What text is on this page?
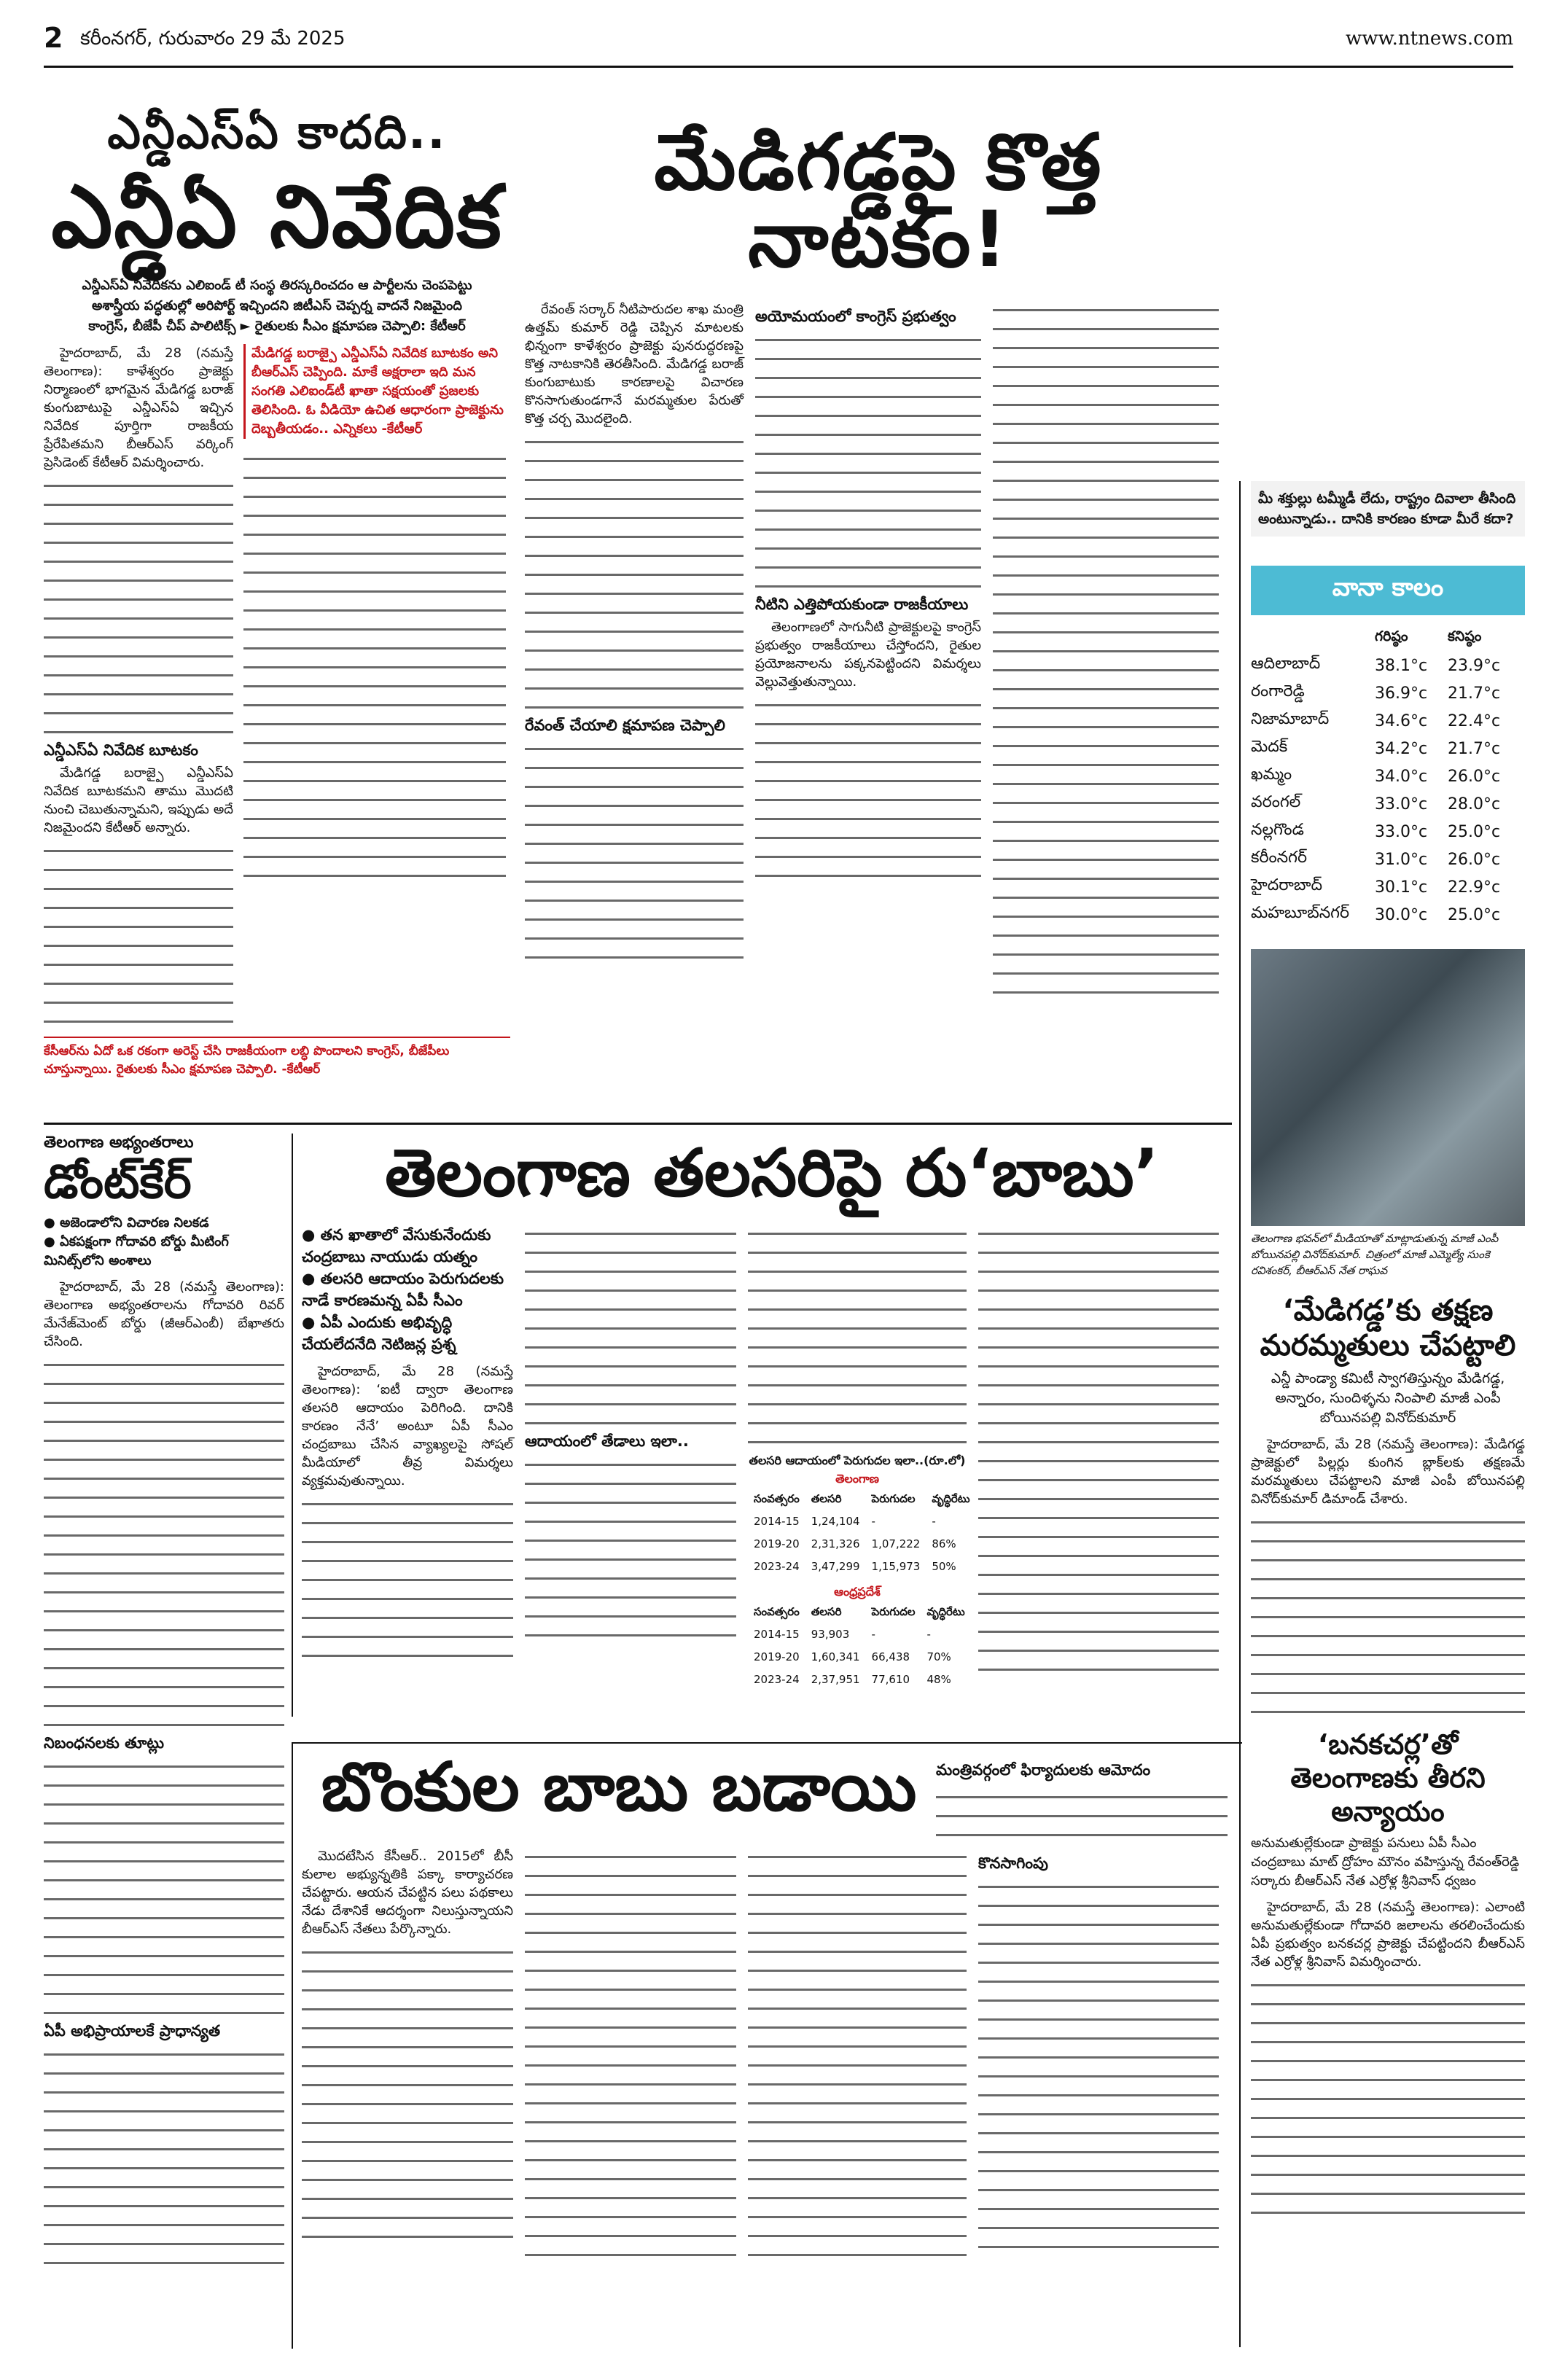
2 కరీంనగర్, గురువారం 29 మే 2025	www.ntnews.com
ఎన్డీఎస్ఏ కాదది..
ఎన్డీఏ నివేదిక
ఎన్డీఎస్ఏ నివేదికను ఎలిఐండ్ టీ సంస్థ తిరస్కరించదం ఆ పార్టీలను చెంపపెట్టు
అశాస్త్రీయ పద్ధతుల్లో అరిపోర్ట్ ఇచ్చిందని జిటీఎస్ చెప్పర్న వాదనే నిజమైంది
కాంగ్రెస్, బీజేపీ చీప్ పాలిటిక్స్ ► రైతులకు సీఎం క్షమాపణ చెప్పాలి: కేటీఆర్

హైదరాబాద్, మే 28 (నమస్తే తెలంగాణ): కాళేశ్వరం ప్రాజెక్టు నిర్మాణంలో భాగమైన మేడిగడ్డ బరాజ్ కుంగుబాటుపై ఎన్డీఎస్ఏ ఇచ్చిన నివేదిక పూర్తిగా రాజకీయ ప్రేరేపితమని బీఆర్ఎస్ వర్కింగ్ ప్రెసిడెంట్ కేటీఆర్ విమర్శించారు.

ఎన్డీఎస్ఏ నివేదిక బూటకం

మేడిగడ్డ బరాజ్పై ఎన్డీఎస్ఏ నివేదిక బూటకమని తాము మొదటి నుంచి చెబుతున్నామని, ఇప్పుడు అదే నిజమైందని కేటీఆర్ అన్నారు.

మేడిగడ్డ బరాజ్పై ఎన్డీఎస్ఏ నివేదిక బూటకం అని బీఆర్ఎస్ చెప్పింది. మాకే అక్షరాలా ఇది మన సంగతి ఎలిఐండ్‌టీ ఖాతా సక్షయంతో ప్రజలకు తెలిసింది. ఓ వీడియో ఉచిత ఆధారంగా ప్రాజెక్టును దెబ్బతీయడం.. ఎన్నికలు -కేటీఆర్
కేసీఆర్‌ను ఏదో ఒక రకంగా అరెస్ట్ చేసి రాజకీయంగా లబ్ధి పొందాలని కాంగ్రెస్, బీజేపీలు చూస్తున్నాయి. రైతులకు సీఎం క్షమాపణ చెప్పాలి. -కేటీఆర్
మేడిగడ్డపై కొత్త నాటకం!

రేవంత్ సర్కార్ నీటిపారుదల శాఖ మంత్రి ఉత్తమ్ కుమార్ రెడ్డి చెప్పిన మాటలకు భిన్నంగా కాళేశ్వరం ప్రాజెక్టు పునరుద్ధరణపై కొత్త నాటకానికి తెరతీసింది. మేడిగడ్డ బరాజ్ కుంగుబాటుకు కారణాలపై విచారణ కొనసాగుతుండగానే మరమ్మతుల పేరుతో కొత్త చర్చ మొదలైంది.

రేవంత్ చేయాలి క్షమాపణ చెప్పాలి
అయోమయంలో కాంగ్రెస్ ప్రభుత్వం
నీటిని ఎత్తిపోయకుండా రాజకీయాలు

తెలంగాణలో సాగునీటి ప్రాజెక్టులపై కాంగ్రెస్ ప్రభుత్వం రాజకీయాలు చేస్తోందని, రైతుల ప్రయోజనాలను పక్కనపెట్టిందని విమర్శలు వెల్లువెత్తుతున్నాయి.

మీ శక్తుల్లు టమ్మీడీ లేదు, రాష్ట్రం దివాలా తీసింది అంటున్నాడు.. దానికి కారణం కూడా మీరే కదా?
వానా కాలం
గరిష్ఠం	కనిష్ఠం
ఆదిలాబాద్	38.1°c	23.9°c
రంగారెడ్డి	36.9°c	21.7°c
నిజామాబాద్	34.6°c	22.4°c
మెదక్	34.2°c	21.7°c
ఖమ్మం	34.0°c	26.0°c
వరంగల్	33.0°c	28.0°c
నల్లగొండ	33.0°c	25.0°c
కరీంనగర్	31.0°c	26.0°c
హైదరాబాద్	30.1°c	22.9°c
మహబూబ్‌నగర్	30.0°c	25.0°c
తెలంగాణ భవన్‌లో మీడియాతో మాట్లాడుతున్న మాజీ ఎంపీ బోయినపల్లి వినోద్‌కుమార్. చిత్రంలో మాజీ ఎమ్మెల్యే సుంకె రవిశంకర్, బీఆర్ఎస్ నేత రాఘవ
‘మేడిగడ్డ’కు తక్షణ మరమ్మతులు చేపట్టాలి
ఎన్డీ పాండ్యా కమిటీ స్వాగతిస్తున్నం మేడిగడ్డ, అన్నారం, సుందిళ్ళను నింపాలి మాజీ ఎంపీ బోయినపల్లి వినోద్‌కుమార్

హైదరాబాద్, మే 28 (నమస్తే తెలంగాణ): మేడిగడ్డ ప్రాజెక్టులో పిల్లర్లు కుంగిన బ్లాక్‌లకు తక్షణమే మరమ్మతులు చేపట్టాలని మాజీ ఎంపీ బోయినపల్లి వినోద్‌కుమార్ డిమాండ్ చేశారు.

‘బనకచర్ల’తో తెలంగాణకు తీరని అన్యాయం
అనుమతుల్లేకుండా ప్రాజెక్టు పనులు ఏపీ సీఎం చంద్రబాబు మాట్ ద్రోహం మౌనం వహిస్తున్న రేవంత్‌రెడ్డి సర్కారు బీఆర్ఎస్ నేత ఎర్రోళ్ల శ్రీనివాస్ ధ్వజం

హైదరాబాద్, మే 28 (నమస్తే తెలంగాణ): ఎలాంటి అనుమతుల్లేకుండా గోదావరి జలాలను తరలించేందుకు ఏపీ ప్రభుత్వం బనకచర్ల ప్రాజెక్టు చేపట్టిందని బీఆర్ఎస్ నేత ఎర్రోళ్ల శ్రీనివాస్ విమర్శించారు.

తెలంగాణ అభ్యంతరాలు
డోంట్‌కేర్
● అజెండాలోని విచారణ నిలకడ
● ఏకపక్షంగా గోదావరి బోర్డు మీటింగ్ మినిట్స్‌లోని అంశాలు

హైదరాబాద్, మే 28 (నమస్తే తెలంగాణ): తెలంగాణ అభ్యంతరాలను గోదావరి రివర్ మేనేజ్‌మెంట్ బోర్డు (జీఆర్ఎంబీ) బేఖాతరు చేసింది.

నిబంధనలకు తూట్లు
ఏపీ అభిప్రాయాలకే ప్రాధాన్యత
తెలంగాణ తలసరిపై రు‘బాబు’
● తన ఖాతాలో వేసుకునేందుకు చంద్రబాబు నాయుడు యత్నం
● తలసరి ఆదాయం పెరుగుదలకు నాడే కారణమన్న ఏపీ సీఎం
● ఏపీ ఎందుకు అభివృద్ధి చేయలేదనేది నెటిజన్ల ప్రశ్న

హైదరాబాద్, మే 28 (నమస్తే తెలంగాణ): ‘ఐటీ ద్వారా తెలంగాణ తలసరి ఆదాయం పెరిగింది. దానికి కారణం నేనే’ అంటూ ఏపీ సీఎం చంద్రబాబు చేసిన వ్యాఖ్యలపై సోషల్ మీడియాలో తీవ్ర విమర్శలు వ్యక్తమవుతున్నాయి.

ఆదాయంలో తేడాలు ఇలా..
తలసరి ఆదాయంలో పెరుగుదల ఇలా..(రూ.లో)
తెలంగాణ
సంవత్సరం	తలసరి	పెరుగుదల	వృద్ధిరేటు
2014-15	1,24,104	-	-
2019-20	2,31,326	1,07,222	86%
2023-24	3,47,299	1,15,973	50%
ఆంధ్రప్రదేశ్
సంవత్సరం	తలసరి	పెరుగుదల	వృద్ధిరేటు
2014-15	93,903	-	-
2019-20	1,60,341	66,438	70%
2023-24	2,37,951	77,610	48%
బొంకుల బాబు బడాయి	మంత్రివర్గంలో ఫిర్యాదులకు ఆమోదం

మొదటేసిన కేసీఆర్.. 2015లో బీసీ కులాల అభ్యున్నతికి పక్కా కార్యాచరణ చేపట్టారు. ఆయన చేపట్టిన పలు పథకాలు నేడు దేశానికే ఆదర్శంగా నిలుస్తున్నాయని బీఆర్ఎస్ నేతలు పేర్కొన్నారు.

కొనసాగింపు
